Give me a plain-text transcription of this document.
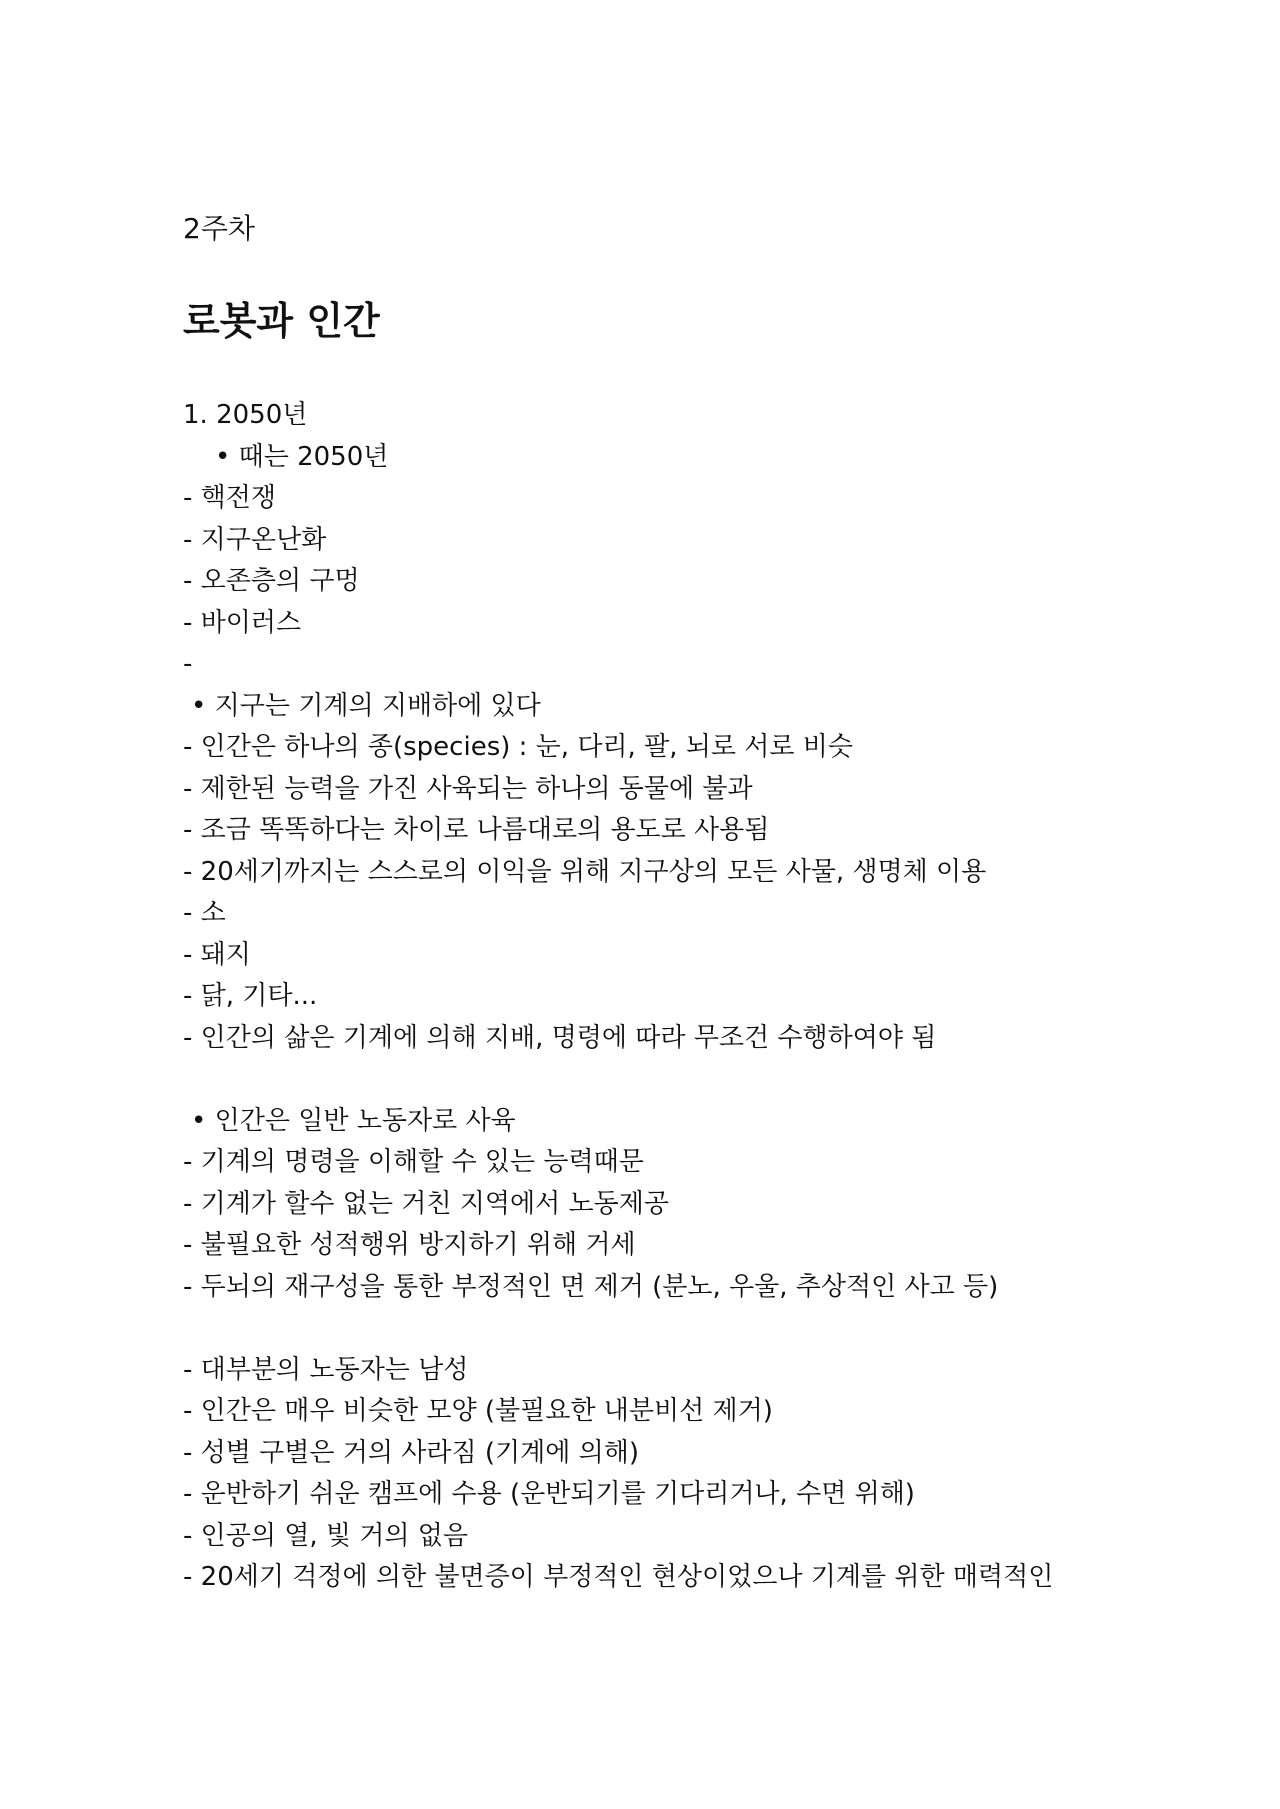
2주차
로봇과 인간
1. 2050년
• 때는 2050년
- 핵전쟁
- 지구온난화
- 오존층의 구멍
- 바이러스
-
• 지구는 기계의 지배하에 있다
- 인간은 하나의 종(species) : 눈, 다리, 팔, 뇌로 서로 비슷
- 제한된 능력을 가진 사육되는 하나의 동물에 불과
- 조금 똑똑하다는 차이로 나름대로의 용도로 사용됨
- 20세기까지는 스스로의 이익을 위해 지구상의 모든 사물, 생명체 이용
- 소
- 돼지
- 닭, 기타...
- 인간의 삶은 기계에 의해 지배, 명령에 따라 무조건 수행하여야 됨
• 인간은 일반 노동자로 사육
- 기계의 명령을 이해할 수 있는 능력때문
- 기계가 할수 없는 거친 지역에서 노동제공
- 불필요한 성적행위 방지하기 위해 거세
- 두뇌의 재구성을 통한 부정적인 면 제거 (분노, 우울, 추상적인 사고 등)
- 대부분의 노동자는 남성
- 인간은 매우 비슷한 모양 (불필요한 내분비선 제거)
- 성별 구별은 거의 사라짐 (기계에 의해)
- 운반하기 쉬운 캠프에 수용 (운반되기를 기다리거나, 수면 위해)
- 인공의 열, 빛 거의 없음
- 20세기 걱정에 의한 불면증이 부정적인 현상이었으나 기계를 위한 매력적인
